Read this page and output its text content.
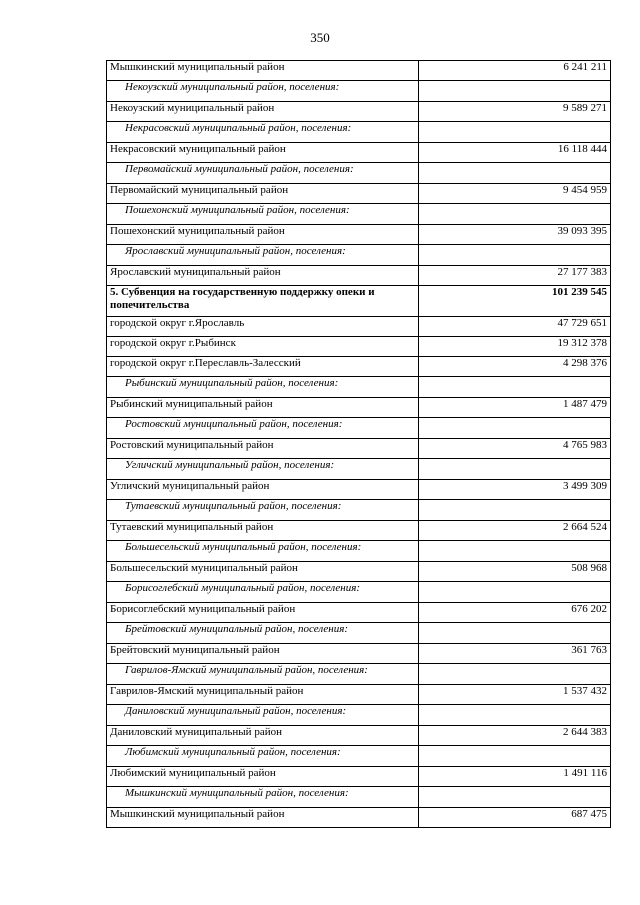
350
Мышкинский муниципальный район	6 241 211
Некоузский муниципальный район, поселения:	
Некоузский муниципальный район	9 589 271
Некрасовский муниципальный район, поселения:	
Некрасовский муниципальный район	16 118 444
Первомайский муниципальный район, поселения:	
Первомайский муниципальный район	9 454 959
Пошехонский муниципальный район, поселения:	
Пошехонский муниципальный район	39 093 395
Ярославский муниципальный район, поселения:	
Ярославский муниципальный район	27 177 383
5. Субвенция на государственную поддержку опеки и попечительства	101 239 545
городской округ г.Ярославль	47 729 651
городской округ г.Рыбинск	19 312 378
городской округ г.Переславль-Залесский	4 298 376
Рыбинский муниципальный район, поселения:	
Рыбинский муниципальный район	1 487 479
Ростовский муниципальный район, поселения:	
Ростовский муниципальный район	4 765 983
Угличский муниципальный район, поселения:	
Угличский муниципальный район	3 499 309
Тутаевский муниципальный район, поселения:	
Тутаевский муниципальный район	2 664 524
Большесельский муниципальный район, поселения:	
Большесельский муниципальный район	508 968
Борисоглебский муниципальный район, поселения:	
Борисоглебский муниципальный район	676 202
Брейтовский муниципальный район, поселения:	
Брейтовский муниципальный район	361 763
Гаврилов-Ямский муниципальный район, поселения:	
Гаврилов-Ямский муниципальный район	1 537 432
Даниловский муниципальный район, поселения:	
Даниловский муниципальный район	2 644 383
Любимский муниципальный район, поселения:	
Любимский муниципальный район	1 491 116
Мышкинский муниципальный район, поселения:	
Мышкинский муниципальный район	687 475
